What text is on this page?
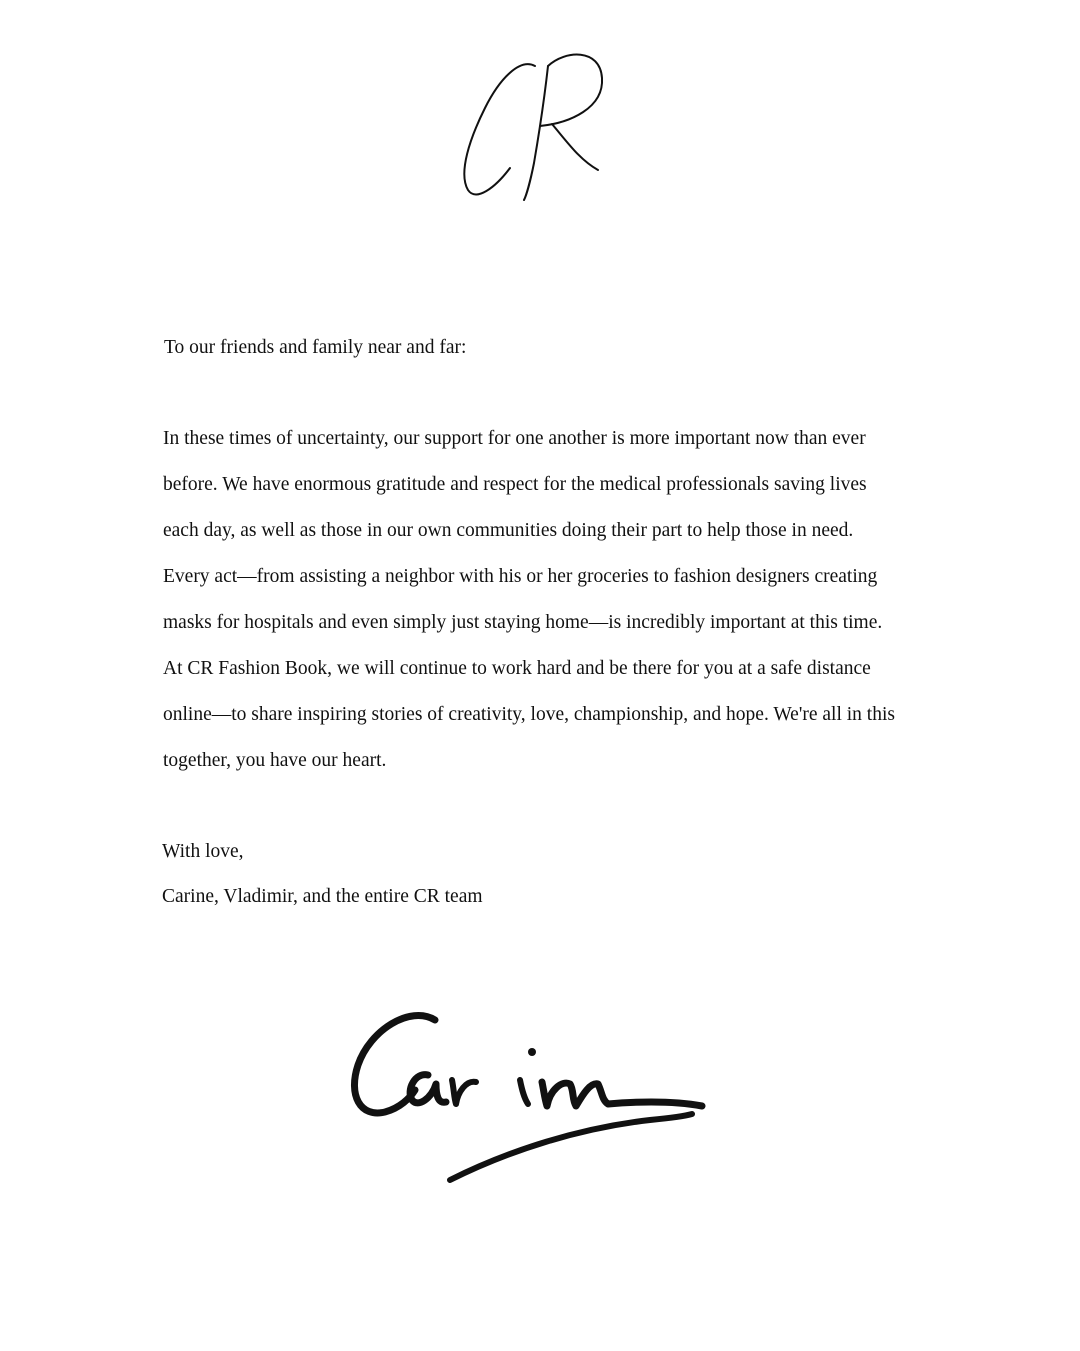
To our friends and family near and far:
In these times of uncertainty, our support for one another is more important now than ever
before. We have enormous gratitude and respect for the medical professionals saving lives
each day, as well as those in our own communities doing their part to help those in need.
Every act—from assisting a neighbor with his or her groceries to fashion designers creating
masks for hospitals and even simply just staying home—is incredibly important at this time.
At CR Fashion Book, we will continue to work hard and be there for you at a safe distance
online—to share inspiring stories of creativity, love, championship, and hope. We're all in this
together, you have our heart.
With love,
Carine, Vladimir, and the entire CR team
